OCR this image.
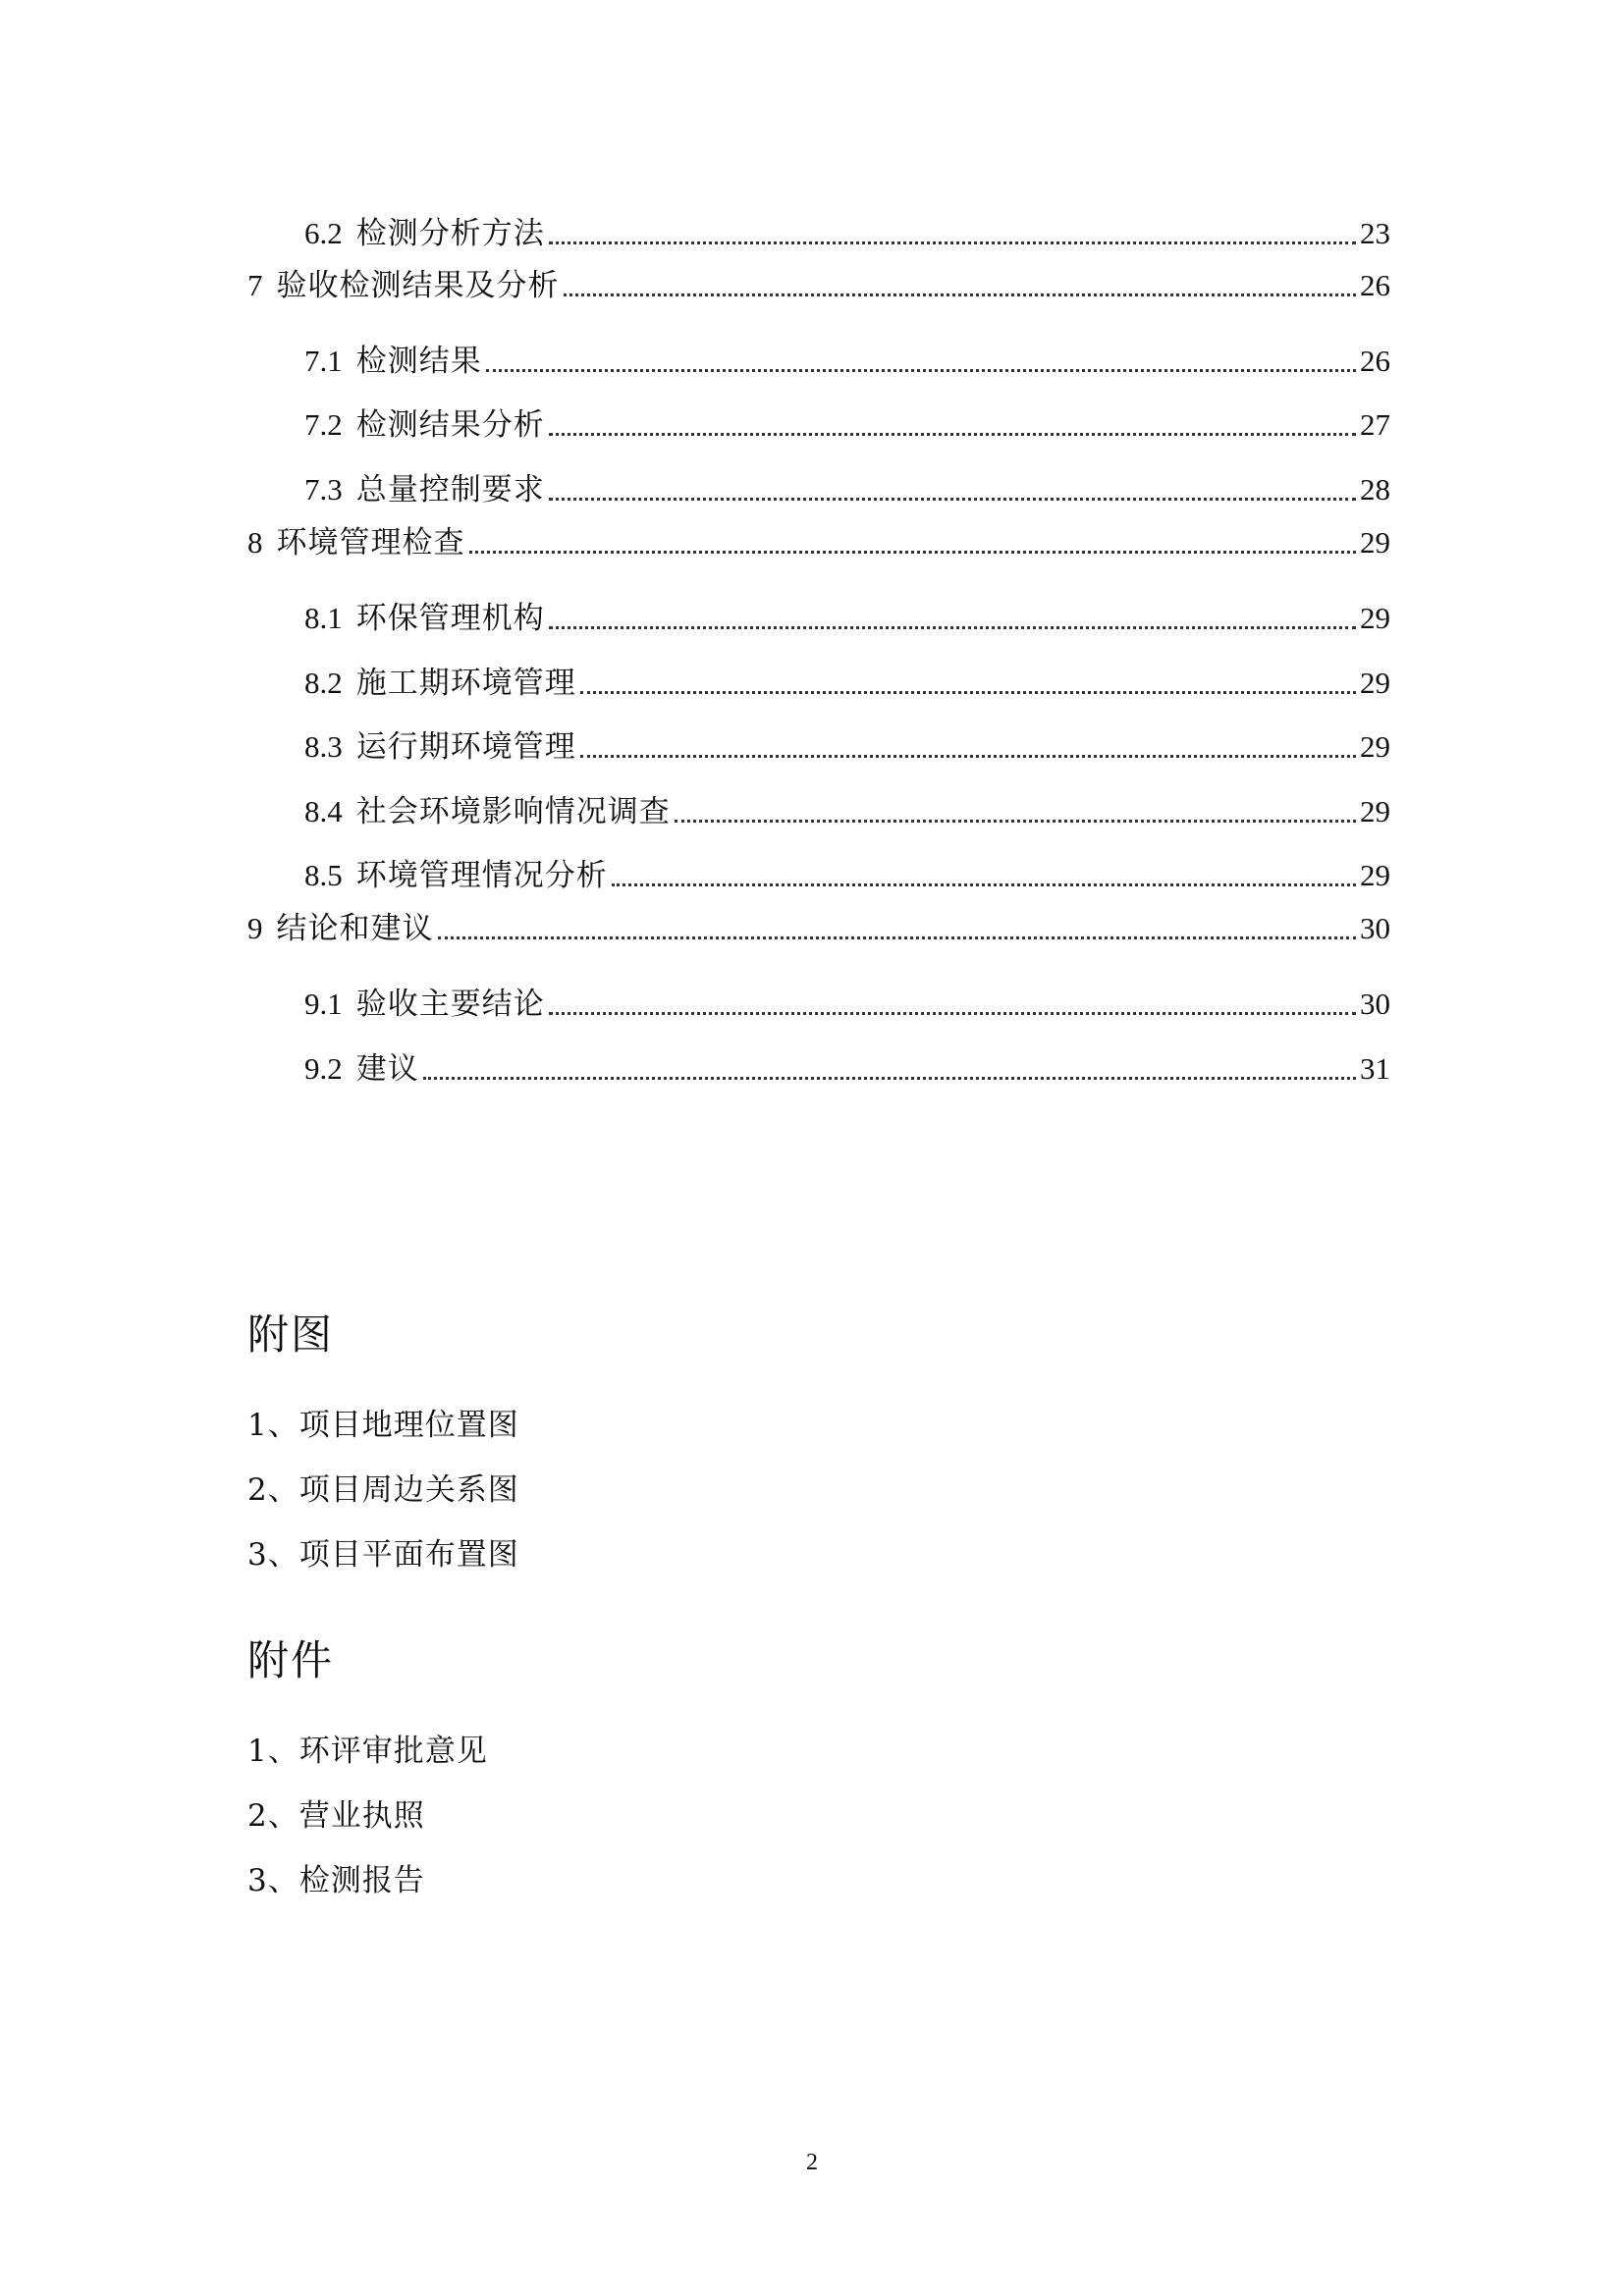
6.2 检测分析方法	23
7 验收检测结果及分析	26
7.1 检测结果	26
7.2 检测结果分析	27
7.3 总量控制要求	28
8 环境管理检查	29
8.1 环保管理机构	29
8.2 施工期环境管理	29
8.3 运行期环境管理	29
8.4 社会环境影响情况调查	29
8.5 环境管理情况分析	29
9 结论和建议	30
9.1 验收主要结论	30
9.2 建议	31
附图
1、项目地理位置图
2、项目周边关系图
3、项目平面布置图
附件
1、环评审批意见
2、营业执照
3、检测报告
2
